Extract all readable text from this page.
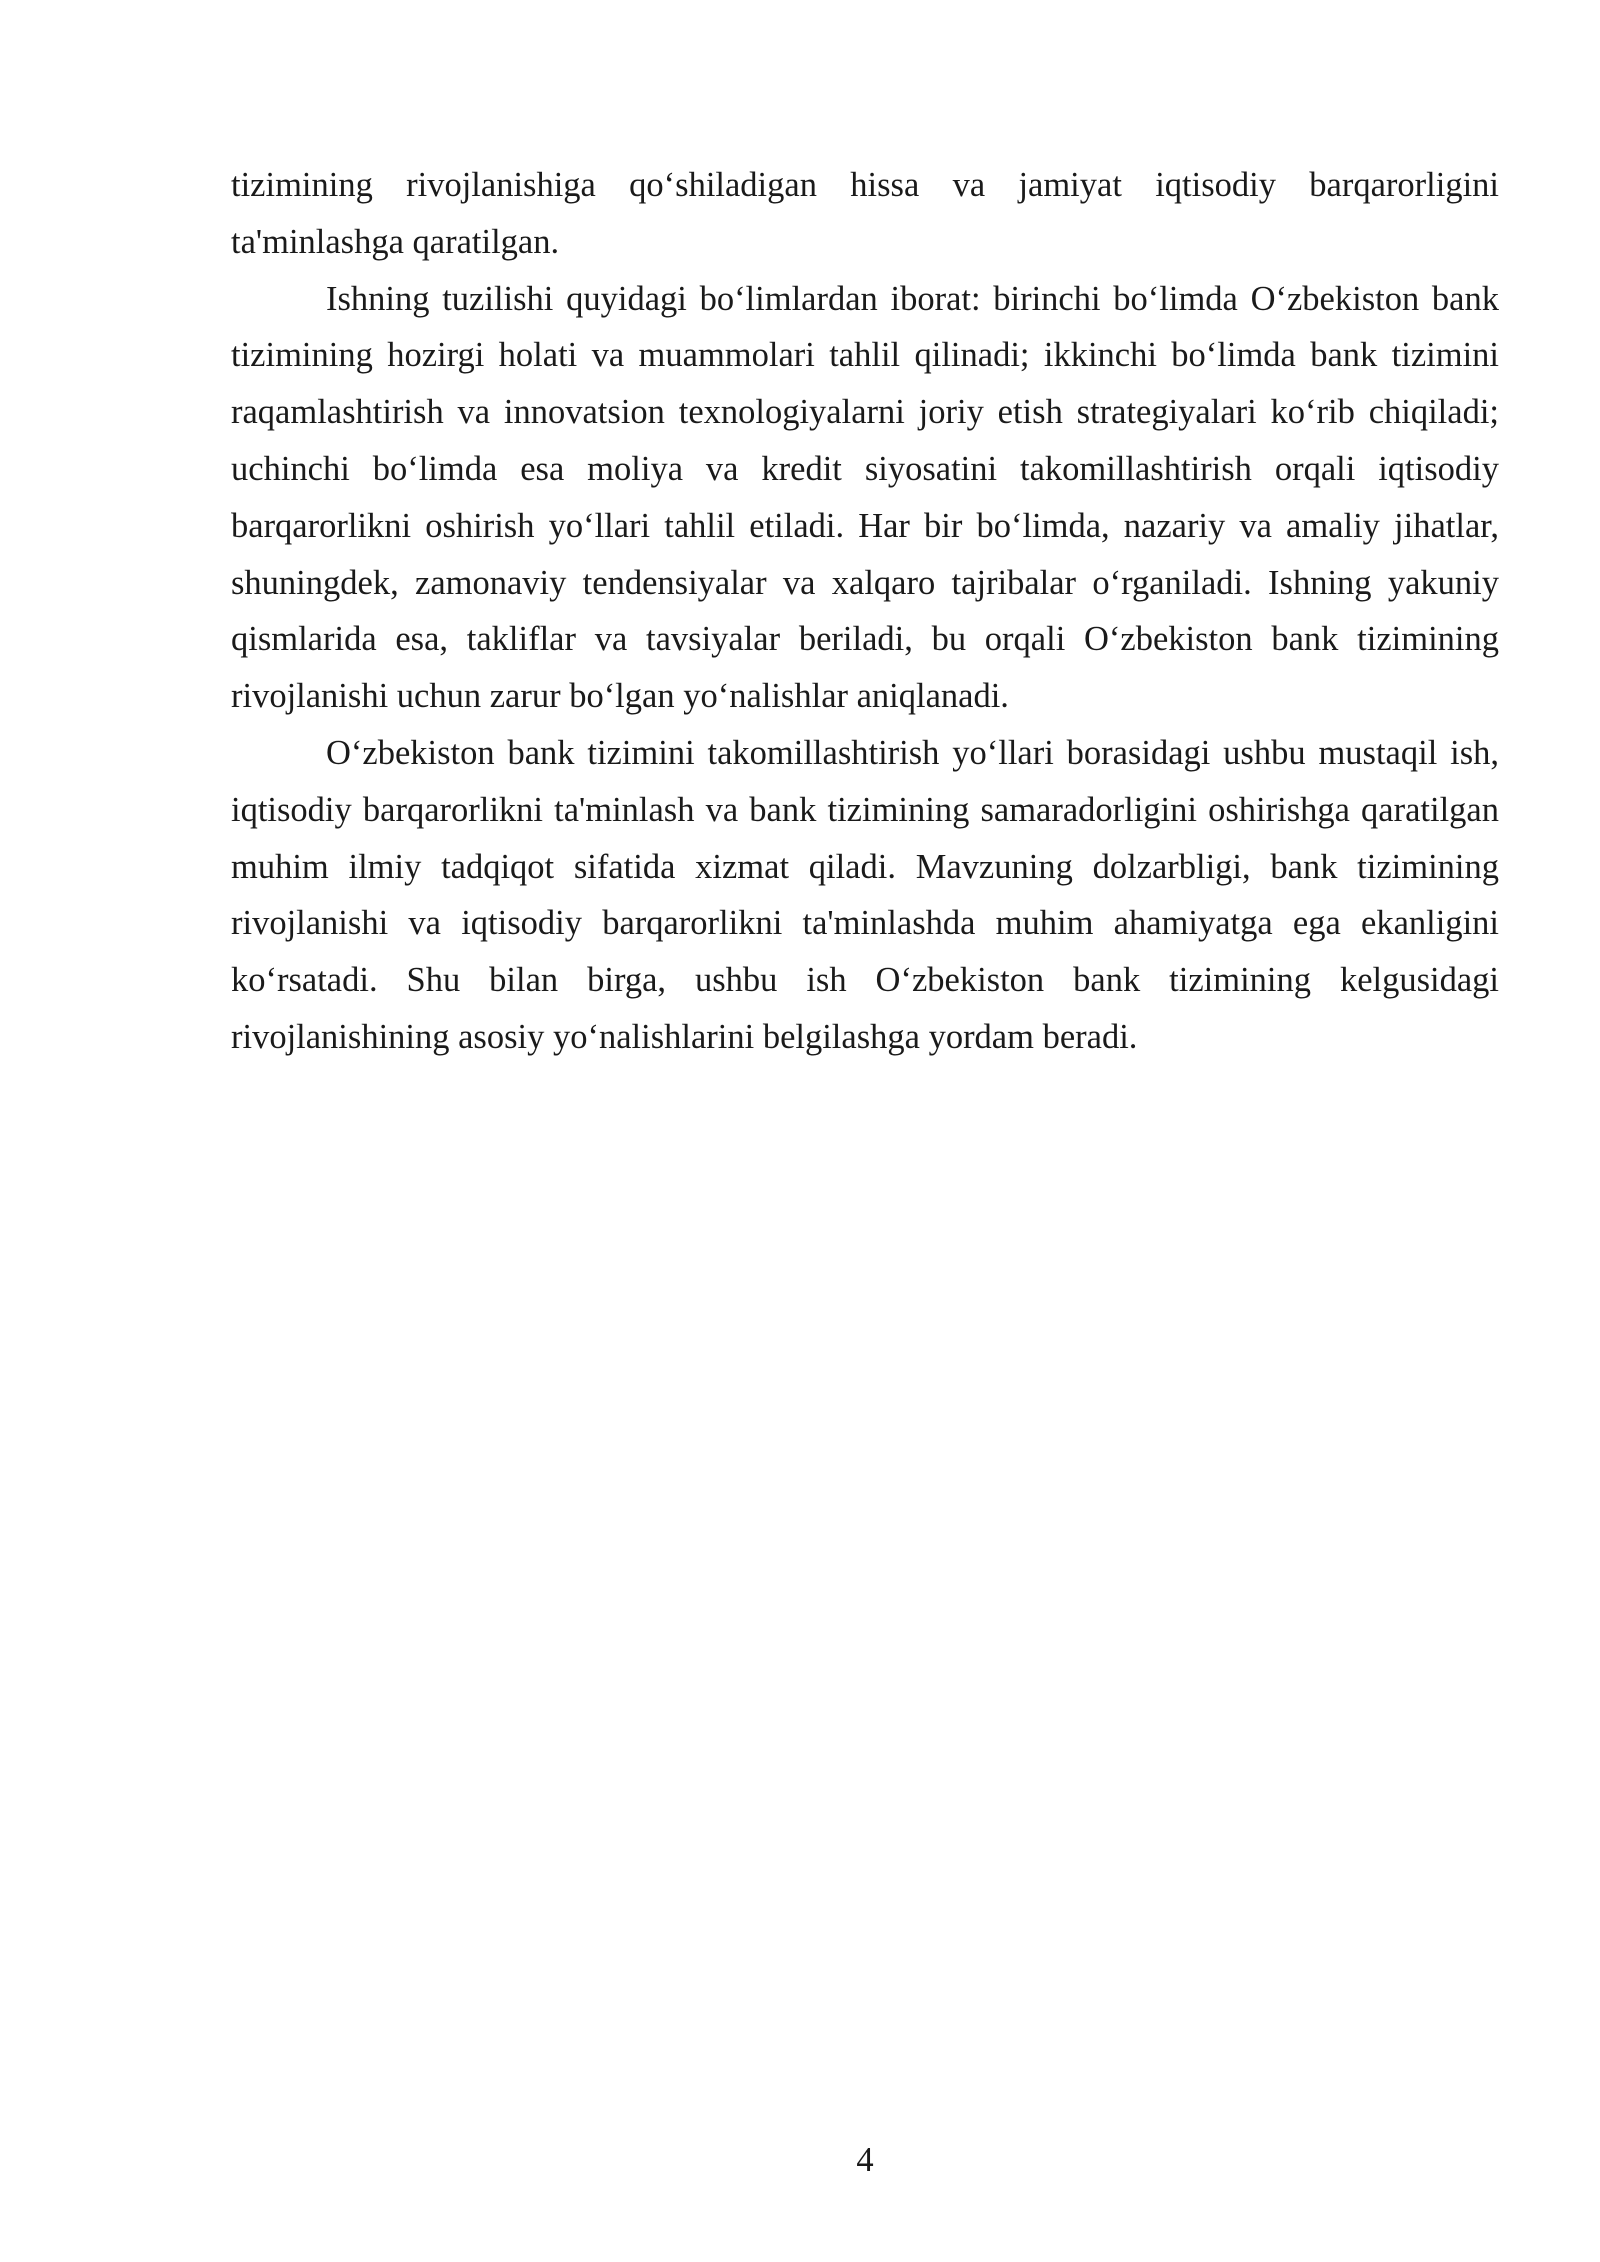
tizimining rivojlanishiga qo‘shiladigan hissa va jamiyat iqtisodiy barqarorligini ta'minlashga qaratilgan.

Ishning tuzilishi quyidagi bo‘limlardan iborat: birinchi bo‘limda O‘zbekiston bank tizimining hozirgi holati va muammolari tahlil qilinadi; ikkinchi bo‘limda bank tizimini raqamlashtirish va innovatsion texnologiyalarni joriy etish strategiyalari ko‘rib chiqiladi; uchinchi bo‘limda esa moliya va kredit siyosatini takomillashtirish orqali iqtisodiy barqarorlikni oshirish yo‘llari tahlil etiladi. Har bir bo‘limda, nazariy va amaliy jihatlar, shuningdek, zamonaviy tendensiyalar va xalqaro tajribalar o‘rganiladi. Ishning yakuniy qismlarida esa, takliflar va tavsiyalar beriladi, bu orqali O‘zbekiston bank tizimining rivojlanishi uchun zarur bo‘lgan yo‘nalishlar aniqlanadi.

O‘zbekiston bank tizimini takomillashtirish yo‘llari borasidagi ushbu mustaqil ish, iqtisodiy barqarorlikni ta'minlash va bank tizimining samaradorligini oshirishga qaratilgan muhim ilmiy tadqiqot sifatida xizmat qiladi. Mavzuning dolzarbligi, bank tizimining rivojlanishi va iqtisodiy barqarorlikni ta'minlashda muhim ahamiyatga ega ekanligini ko‘rsatadi. Shu bilan birga, ushbu ish O‘zbekiston bank tizimining kelgusidagi rivojlanishining asosiy yo‘nalishlarini belgilashga yordam beradi.

4
